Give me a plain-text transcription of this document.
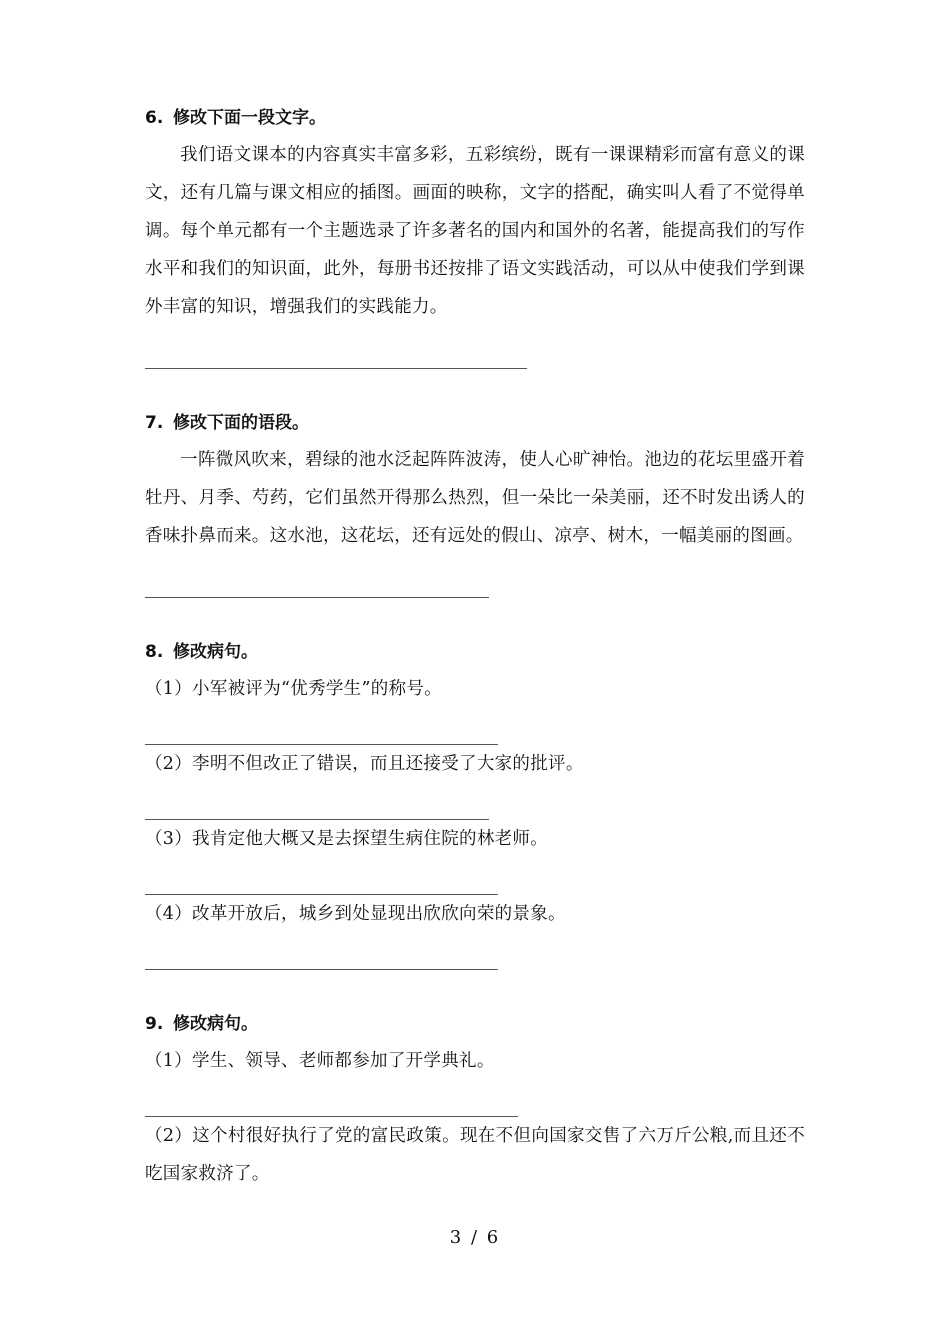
6. 修改下面一段文字。

我们语文课本的内容真实丰富多彩，五彩缤纷，既有一课课精彩而富有意义的课文，还有几篇与课文相应的插图。画面的映称，文字的搭配，确实叫人看了不觉得单调。每个单元都有一个主题选录了许多著名的国内和国外的名著，能提高我们的写作水平和我们的知识面，此外，每册书还按排了语文实践活动，可以从中使我们学到课外丰富的知识，增强我们的实践能力。

7. 修改下面的语段。

一阵微风吹来，碧绿的池水泛起阵阵波涛，使人心旷神怡。池边的花坛里盛开着牡丹、月季、芍药，它们虽然开得那么热烈，但一朵比一朵美丽，还不时发出诱人的香味扑鼻而来。这水池，这花坛，还有远处的假山、凉亭、树木，一幅美丽的图画。

8. 修改病句。

（1）小军被评为“优秀学生”的称号。

（2）李明不但改正了错误，而且还接受了大家的批评。

（3）我肯定他大概又是去探望生病住院的林老师。

（4）改革开放后，城乡到处显现出欣欣向荣的景象。

9. 修改病句。

（1）学生、领导、老师都参加了开学典礼。

（2）这个村很好执行了党的富民政策。现在不但向国家交售了六万斤公粮,而且还不吃国家救济了。

3 / 6
